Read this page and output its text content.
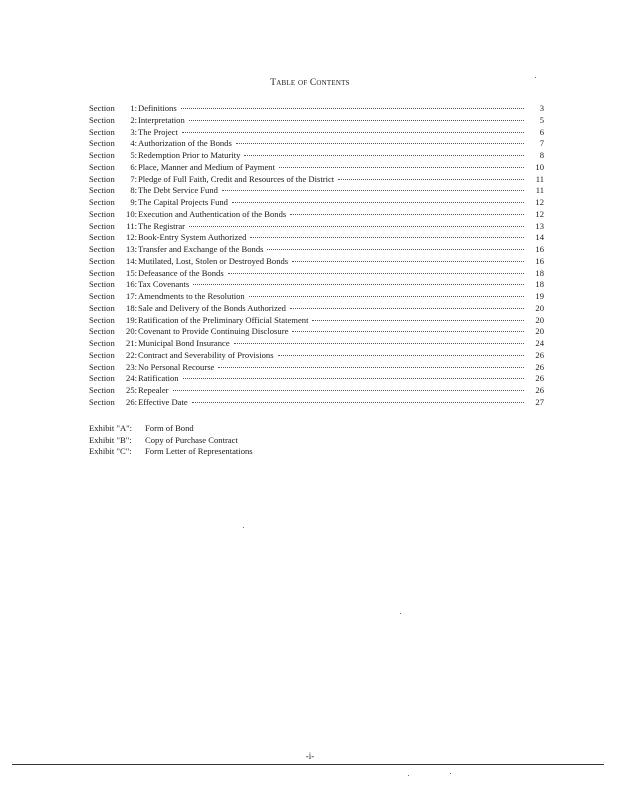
Table of Contents
Section	1: Definitions	3
Section	2: Interpretation	5
Section	3: The Project	6
Section	4: Authorization of the Bonds	7
Section	5: Redemption Prior to Maturity	8
Section	6: Place, Manner and Medium of Payment	10
Section	7: Pledge of Full Faith, Credit and Resources of the District	11
Section	8: The Debt Service Fund	11
Section	9: The Capital Projects Fund	12
Section	10: Execution and Authentication of the Bonds	12
Section	11: The Registrar	13
Section	12: Book-Entry System Authorized	14
Section	13: Transfer and Exchange of the Bonds	16
Section	14: Mutilated, Lost, Stolen or Destroyed Bonds	16
Section	15: Defeasance of the Bonds	18
Section	16: Tax Covenants	18
Section	17: Amendments to the Resolution	19
Section	18: Sale and Delivery of the Bonds Authorized	20
Section	19: Ratification of the Preliminary Official Statement	20
Section	20: Covenant to Provide Continuing Disclosure	20
Section	21: Municipal Bond Insurance	24
Section	22: Contract and Severability of Provisions	26
Section	23: No Personal Recourse	26
Section	24: Ratification	26
Section	25: Repealer	26
Section	26: Effective Date	27
Exhibit "A":	Form of Bond
Exhibit "B":	Copy of Purchase Contract
Exhibit "C":	Form Letter of Representations
-i-
